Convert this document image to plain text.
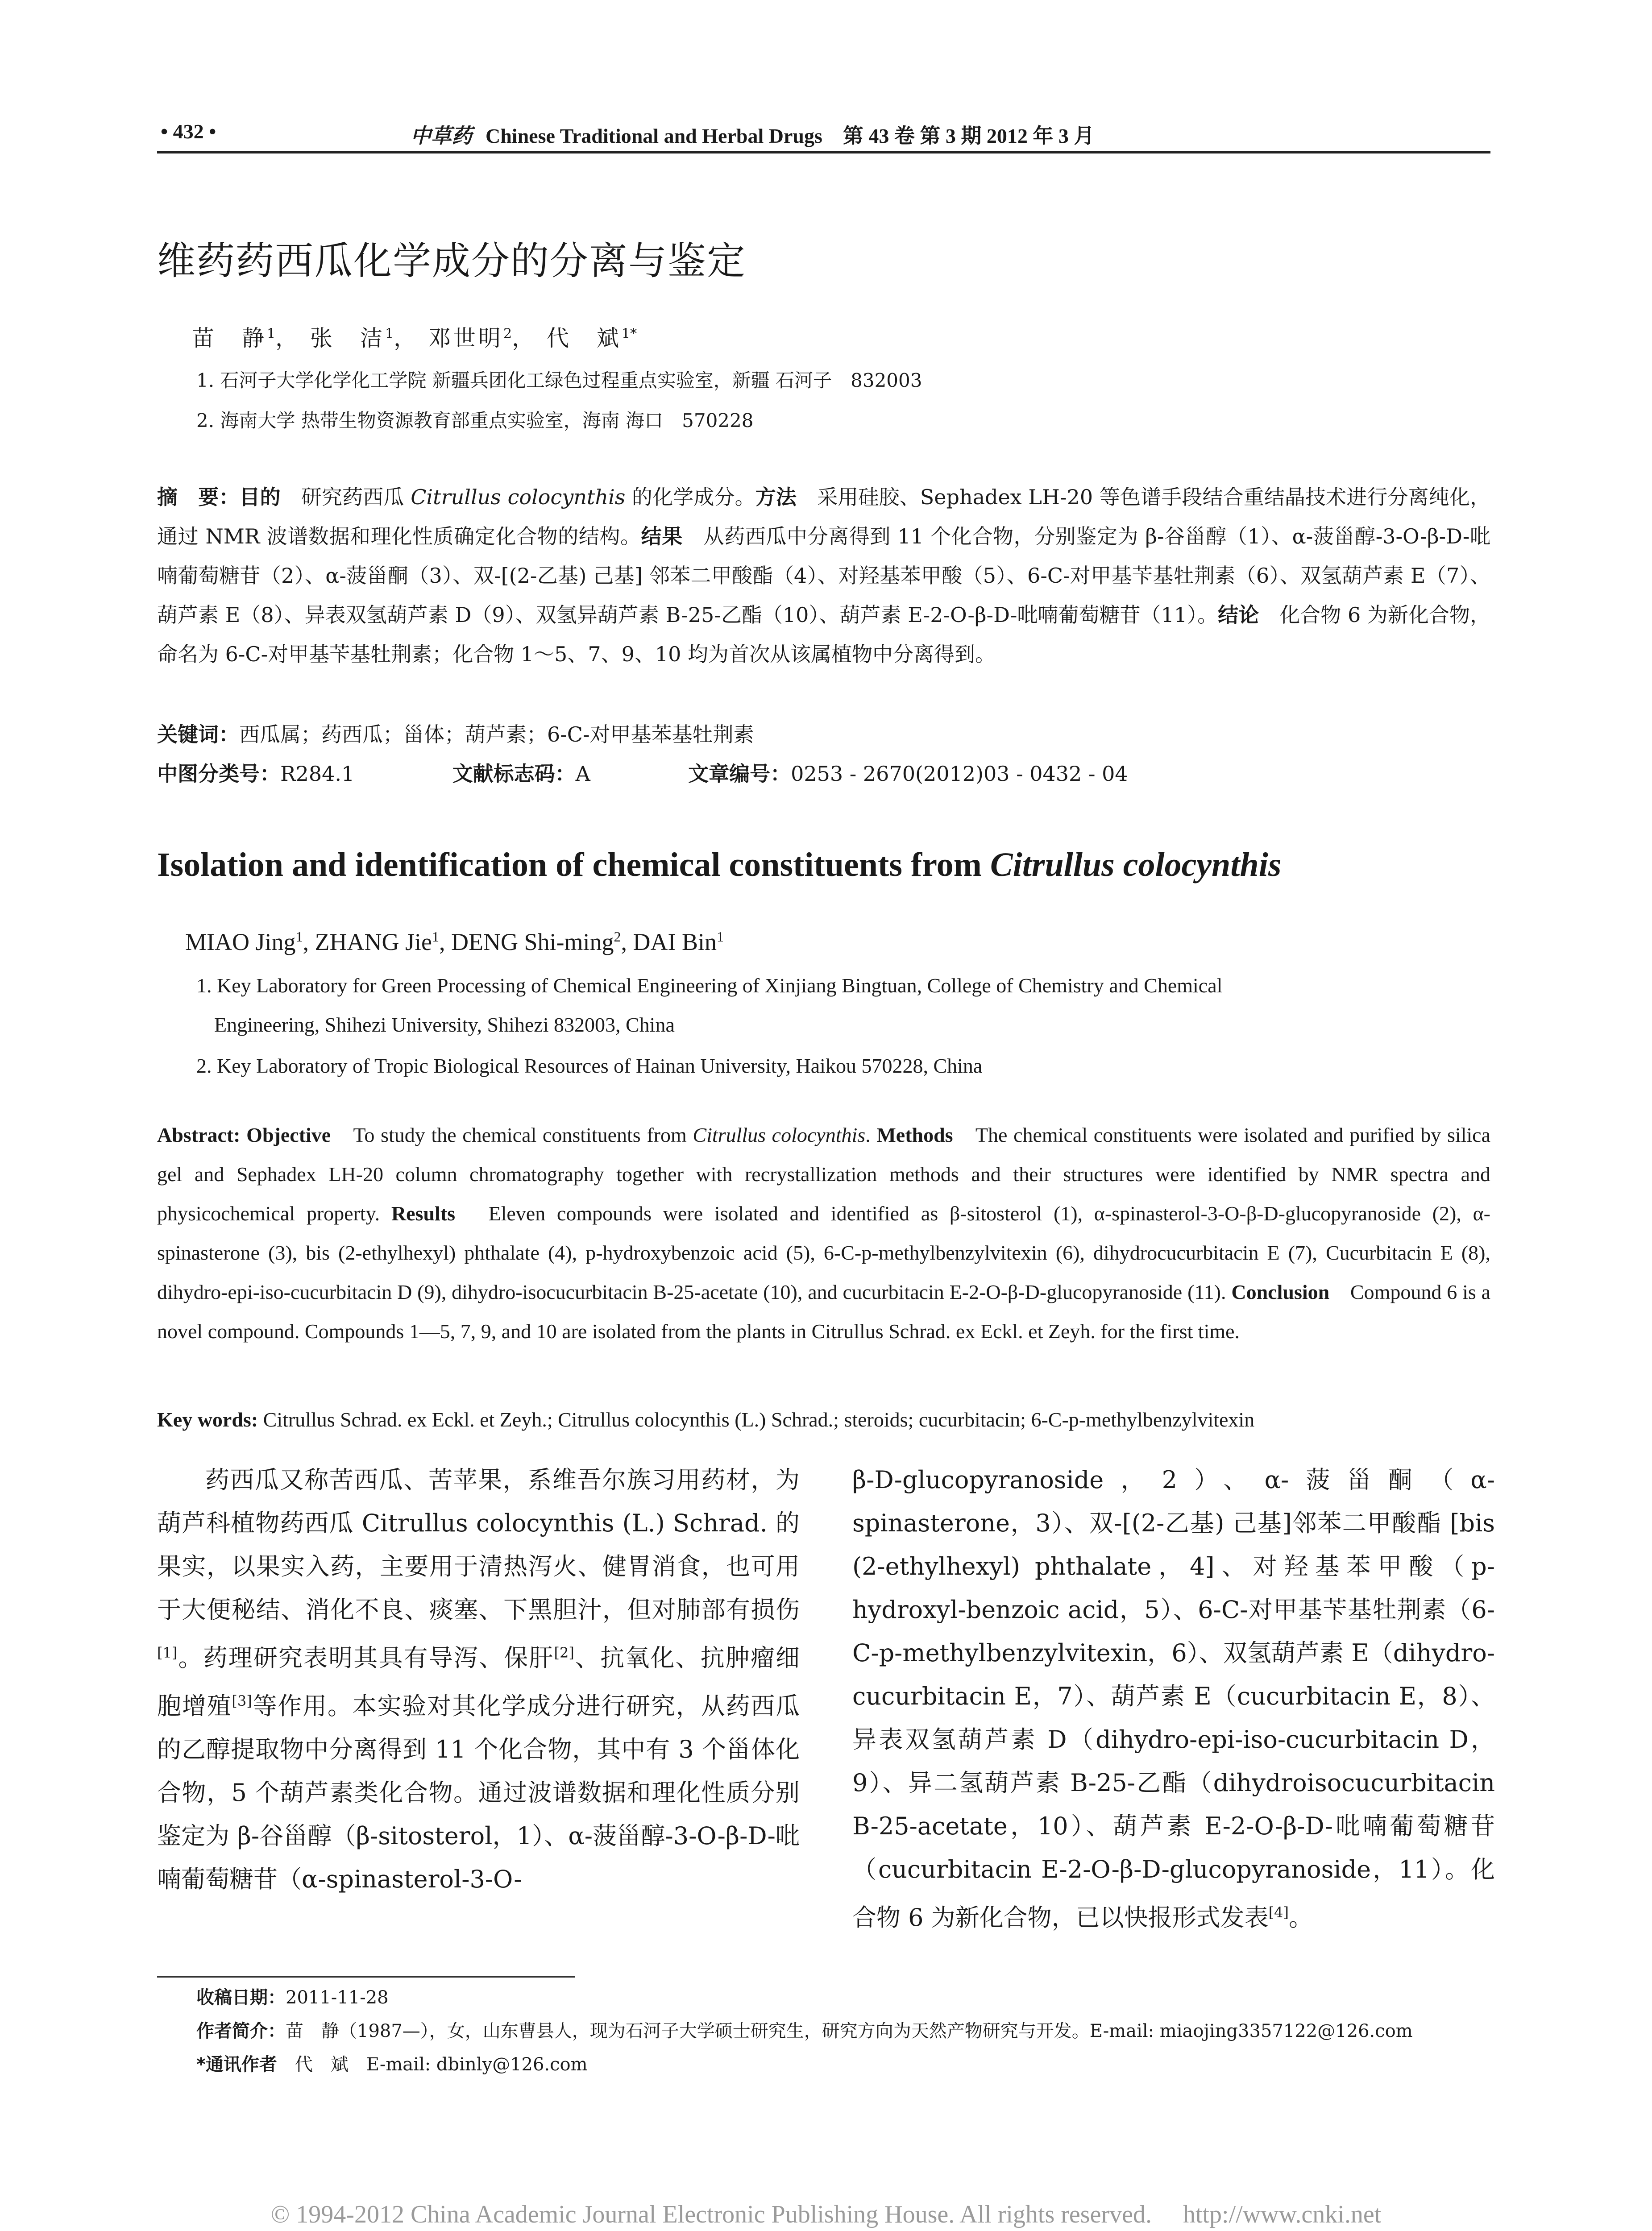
• 432 •	中草药 Chinese Traditional and Herbal Drugs　第 43 卷 第 3 期 2012 年 3 月
维药药西瓜化学成分的分离与鉴定
苗　静$^1$， 张　洁$^1$， 邓世明$^2$， 代　斌$^{1*}$
1. 石河子大学化学化工学院 新疆兵团化工绿色过程重点实验室，新疆 石河子　832003
2. 海南大学 热带生物资源教育部重点实验室，海南 海口　570228
摘　要：目的　研究药西瓜 Citrullus colocynthis 的化学成分。方法　采用硅胶、Sephadex LH-20 等色谱手段结合重结晶技术进行分离纯化，通过 NMR 波谱数据和理化性质确定化合物的结构。结果　从药西瓜中分离得到 11 个化合物，分别鉴定为 β-谷甾醇（1）、α-菠甾醇-3-O-β-D-吡喃葡萄糖苷（2）、α-菠甾酮（3）、双-[(2-乙基) 己基] 邻苯二甲酸酯（4）、对羟基苯甲酸（5）、6-C-对甲基苄基牡荆素（6）、双氢葫芦素 E（7）、葫芦素 E（8）、异表双氢葫芦素 D（9）、双氢异葫芦素 B-25-乙酯（10）、葫芦素 E-2-O-β-D-吡喃葡萄糖苷（11）。结论　化合物 6 为新化合物，命名为 6-C-对甲基苄基牡荆素；化合物 1～5、7、9、10 均为首次从该属植物中分离得到。
关键词：西瓜属；药西瓜；甾体；葫芦素；6-C-对甲基苯基牡荆素
中图分类号：R284.1	文献标志码：A	文章编号：0253 - 2670(2012)03 - 0432 - 04
Isolation and identification of chemical constituents from Citrullus colocynthis
MIAO Jing$^1$, ZHANG Jie$^1$, DENG Shi-ming$^2$, DAI Bin$^1$
1. Key Laboratory for Green Processing of Chemical Engineering of Xinjiang Bingtuan, College of Chemistry and Chemical
Engineering, Shihezi University, Shihezi 832003, China
2. Key Laboratory of Tropic Biological Resources of Hainan University, Haikou 570228, China
Abstract: Objective　To study the chemical constituents from Citrullus colocynthis. Methods　The chemical constituents were isolated and purified by silica gel and Sephadex LH-20 column chromatography together with recrystallization methods and their structures were identified by NMR spectra and physicochemical property. Results　Eleven compounds were isolated and identified as β-sitosterol (1), α-spinasterol-3-O-β-D-glucopyranoside (2), α-spinasterone (3), bis (2-ethylhexyl) phthalate (4), p-hydroxybenzoic acid (5), 6-C-p-methylbenzylvitexin (6), dihydrocucurbitacin E (7), Cucurbitacin E (8), dihydro-epi-iso-cucurbitacin D (9), dihydro-isocucurbitacin B-25-acetate (10), and cucurbitacin E-2-O-β-D-glucopyranoside (11). Conclusion　Compound 6 is a novel compound. Compounds 1—5, 7, 9, and 10 are isolated from the plants in Citrullus Schrad. ex Eckl. et Zeyh. for the first time.
Key words: Citrullus Schrad. ex Eckl. et Zeyh.; Citrullus colocynthis (L.) Schrad.; steroids; cucurbitacin; 6-C-p-methylbenzylvitexin

药西瓜又称苦西瓜、苦苹果，系维吾尔族习用药材，为葫芦科植物药西瓜 Citrullus colocynthis (L.) Schrad. 的果实，以果实入药，主要用于清热泻火、健胃消食，也可用于大便秘结、消化不良、痰塞、下黑胆汁，但对肺部有损伤[1]。药理研究表明其具有导泻、保肝[2]、抗氧化、抗肿瘤细胞增殖[3]等作用。本实验对其化学成分进行研究，从药西瓜的乙醇提取物中分离得到 11 个化合物，其中有 3 个甾体化合物，5 个葫芦素类化合物。通过波谱数据和理化性质分别鉴定为 β-谷甾醇（β-sitosterol，1）、α-菠甾醇-3-O-β-D-吡喃葡萄糖苷（α-spinasterol-3-O-

β-D-glucopyranoside，2）、α-菠甾酮（α-spinasterone，3）、双-[(2-乙基) 己基]邻苯二甲酸酯 [bis (2-ethylhexyl) phthalate，4]、对羟基苯甲酸（p-hydroxyl-benzoic acid，5）、6-C-对甲基苄基牡荆素（6-C-p-methylbenzylvitexin，6）、双氢葫芦素 E（dihydro-cucurbitacin E，7）、葫芦素 E（cucurbitacin E，8）、异表双氢葫芦素 D（dihydro-epi-iso-cucurbitacin D，9）、异二氢葫芦素 B-25-乙酯（dihydroisocucurbitacin B-25-acetate，10）、葫芦素 E-2-O-β-D-吡喃葡萄糖苷（cucurbitacin E-2-O-β-D-glucopyranoside，11）。化合物 6 为新化合物，已以快报形式发表[4]。

收稿日期：2011-11-28
作者简介：苗　静（1987—），女，山东曹县人，现为石河子大学硕士研究生，研究方向为天然产物研究与开发。E-mail: miaojing3357122@126.com
*通讯作者　代　斌　E-mail: dbinly@126.com
© 1994-2012 China Academic Journal Electronic Publishing House. All rights reserved.　 http://www.cnki.net
